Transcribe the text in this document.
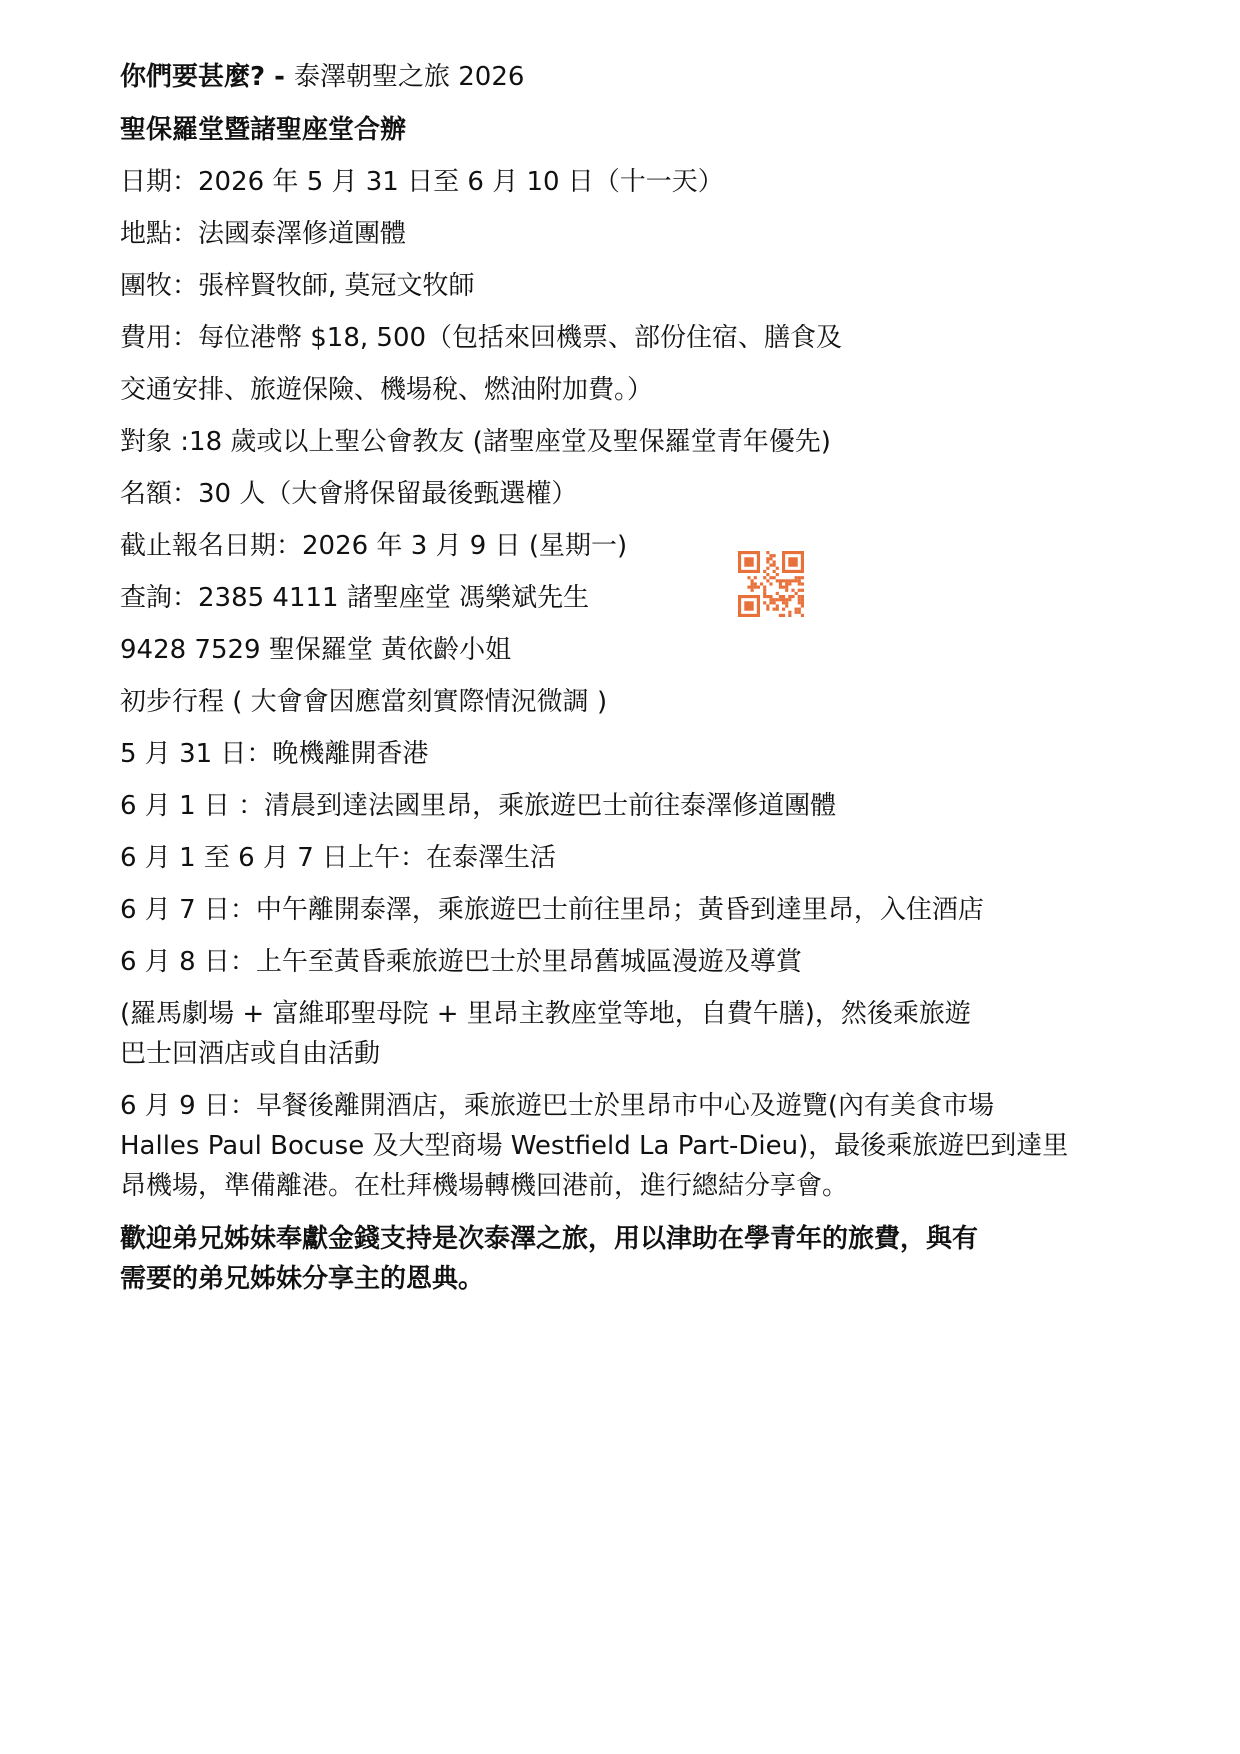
你們要甚麼? - 泰澤朝聖之旅 2026
聖保羅堂暨諸聖座堂合辦
日期：2026 年 5 月 31 日至 6 月 10 日（十一天）
地點：法國泰澤修道團體
團牧：張梓賢牧師, 莫冠文牧師
費用：每位港幣 $18, 500（包括來回機票、部份住宿、膳食及
交通安排、旅遊保險、機場稅、燃油附加費。）
對象 :18 歲或以上聖公會教友 (諸聖座堂及聖保羅堂青年優先)
名額：30 人（大會將保留最後甄選權）
截止報名日期：2026 年 3 月 9 日 (星期一)
查詢：2385 4111 諸聖座堂 馮樂斌先生
9428 7529 聖保羅堂 黃依齡小姐
初步行程 ( 大會會因應當刻實際情況微調 )
5 月 31 日：晚機離開香港
6 月 1 日 ：清晨到達法國里昂，乘旅遊巴士前往泰澤修道團體
6 月 1 至 6 月 7 日上午：在泰澤生活
6 月 7 日：中午離開泰澤，乘旅遊巴士前往里昂；黃昏到達里昂，入住酒店
6 月 8 日：上午至黃昏乘旅遊巴士於里昂舊城區漫遊及導賞
(羅馬劇場 + 富維耶聖母院 + 里昂主教座堂等地，自費午膳)，然後乘旅遊
巴士回酒店或自由活動
6 月 9 日：早餐後離開酒店，乘旅遊巴士於里昂市中心及遊覽(內有美食市場
Halles Paul Bocuse 及大型商場 Westfield La Part-Dieu)，最後乘旅遊巴到達里
昂機場，準備離港。在杜拜機場轉機回港前，進行總結分享會。
歡迎弟兄姊妹奉獻金錢支持是次泰澤之旅，用以津助在學青年的旅費，與有
需要的弟兄姊妹分享主的恩典。
